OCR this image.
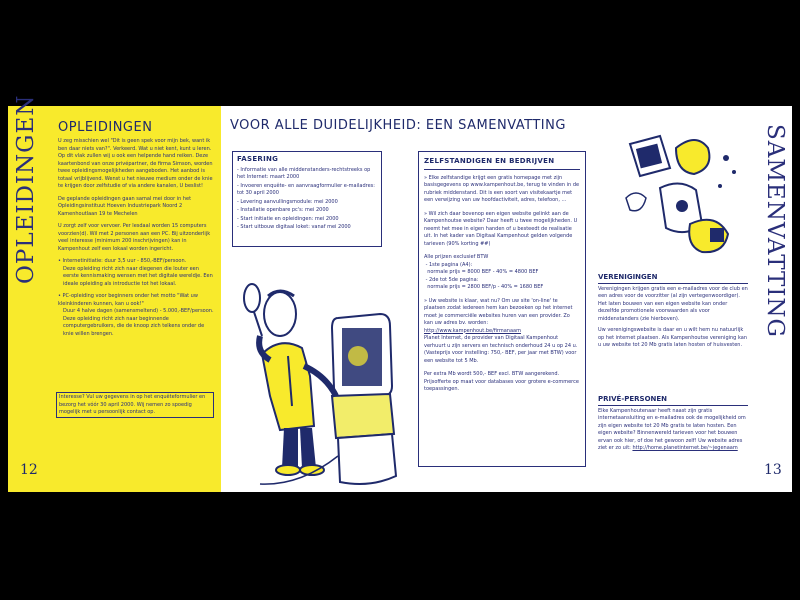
OPLEIDINGEN OPLEIDINGEN

U zeg misschien wel "Dit is geen spek voor mijn bek, want ik ben daar niets van?". Verkeerd. Wat u niet kent, kunt u leren. Op dit vlak zullen wij u ook een helpende hand reiken. Deze kaartenbond van onze privépartner, de firma Simson, worden twee opleidingsmogelijkheden aangeboden. Het aanbod is totaal vrijblijvend. Wenst u het nieuwe medium onder de knie te krijgen door zelfstudie of via andere kanalen, U beslist!

De geplande opleidingen gaan samal mei door in het Opleidingsinstituut Hoeven Industriepark Noord 2 Kamenhoutlaan 19 te Mechelen

U zorgt zelf voor vervoer. Per lesdaal worden 15 computers voorzien(d). Wil met 2 personen aan een PC. Bij uitzonderlijk veel interesse (minimum 200 inschrijvingen) kan in Kampenhout zelf een lokaal worden ingericht.

• Internetinitiatie: duur 3,5 uur - 850,-BEF/persoon.
Deze opleiding richt zich naar diegenen die louter een eerste kennismaking wensen met het digitale wereldje. Een ideale opleiding als introductie tot het lokaal.
• PC-opleiding voor beginners onder het motto "Wat uw kleinkinderen kunnen, kan u ook!"
Duur 4 halve dagen (samensmeltend) - 5.000,-BEF/persoon. Deze opleiding richt zich naar beginnende computergebruikers, die de knoop zich telkens onder de knie willen brengen.
Interesse? Vul uw gegevens in op het enquêteformulier en bezorg het vóór 30 april 2000. Wij nemen zo spoedig mogelijk met u persoonlijk contact op.
12
VOOR ALLE DUIDELIJKHEID: EEN SAMENVATTING
FASERING
- Informatie van alle middenstanders-rechtstreeks op het Internet: maart 2000
- Invoeren enquête- en aanvraagformulier e-mailadres: tot 30 april 2000
- Levering aanvullingsmodule: mei 2000
- Installatie openbare pc's: mei 2000
- Start initiatie en opleidingen: mei 2000
- Start uitbouw digitaal loket: vanaf mei 2000
ZELFSTANDIGEN EN BEDRIJVEN

» Elke zelfstandige krijgt een gratis homepage met zijn basisgegevens op www.kampenhout.be, terug te vinden in de rubriek middenstand. Dit is een soort van visitekaartje met een verwijzing van uw hoofdactiviteit, adres, telefoon, ...

» Wil zich daar bovenop een eigen website gelinkt aan de Kampenhoutse website? Daar heeft u twee mogelijkheden. U neemt het mee in eigen handen of u besteedt de realisatie uit. In het kader van Digitaal Kampenhout gelden volgende tarieven (90% korting ##)

Alle prijzen exclusief BTW
- 1ste pagina (A4):
normale prijs = 8000 BEF - 40% = 4800 BEF
- 2de tot 5de pagina:
normale prijs = 2800 BEF/p - 40% = 1680 BEF

» Uw website is klaar, wat nu? Om uw site 'on-line' te plaatsen zodat iedereen hem kan bezoeken op het internet moet je commerciële websites huren van een provider. Zo kan uw adres bv. worden:
http://www.kampenhout.be/firmanaam
Planet Internet, de provider van Digitaal Kampenhout verhuurt u zijn servers en technisch onderhoud 24 u op 24 u. (Vasteprijs voor instelling: 750,- BEF, per jaar met BTW) voor een website tot 5 Mb.

Per extra Mb wordt 500,- BEF excl. BTW aangerekend. Prijsofferte op maat voor databases voor grotere e-commerce toepassingen.

VERENIGINGEN

Verenigingen krijgen gratis een e-mailadres voor de club en een adres voor de voorzitter (al zijn vertegenwoordiger). Het laten bouwen van een eigen website kan onder dezelfde promotionele voorwaarden als voor middenstanders (zie hierboven).

Uw verenigingswebsite is daar en u wilt hem nu natuurlijk op het internet plaatsen. Als Kampenhoutse vereniging kan u uw website tot 20 Mb gratis laten hosten of huisvesten.

PRIVÉ-PERSONEN

Elke Kampenhoutenaar heeft naast zijn gratis internetaansluiting en e-mailadres ook de mogelijkheid om zijn eigen website tot 20 Mb gratis te laten hosten. Een eigen website? Binnenwereld tarieven voor het bouwen ervan ook hier, of doe het gewoon zelf! Uw website adres ziet er zo uit: http://home.planetinternet.be/~jegenaam

SAMENVATTING
13
